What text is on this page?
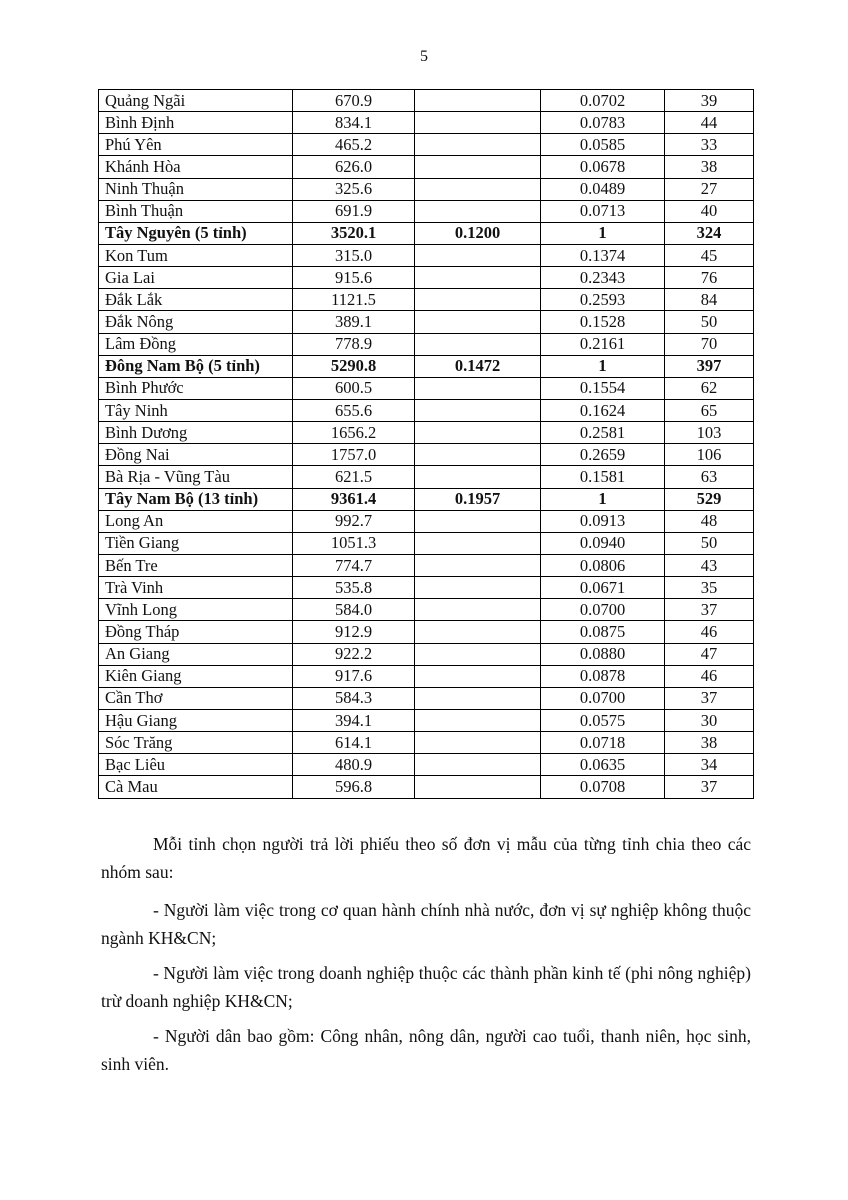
5
Quảng Ngãi	670.9		0.0702	39
Bình Định	834.1		0.0783	44
Phú Yên	465.2		0.0585	33
Khánh Hòa	626.0		0.0678	38
Ninh Thuận	325.6		0.0489	27
Bình Thuận	691.9		0.0713	40
Tây Nguyên (5 tỉnh)	3520.1	0.1200	1	324
Kon Tum	315.0		0.1374	45
Gia Lai	915.6		0.2343	76
Đắk Lắk	1121.5		0.2593	84
Đắk Nông	389.1		0.1528	50
Lâm Đồng	778.9		0.2161	70
Đông Nam Bộ (5 tỉnh)	5290.8	0.1472	1	397
Bình Phước	600.5		0.1554	62
Tây Ninh	655.6		0.1624	65
Bình Dương	1656.2		0.2581	103
Đồng Nai	1757.0		0.2659	106
Bà Rịa - Vũng Tàu	621.5		0.1581	63
Tây Nam Bộ (13 tỉnh)	9361.4	0.1957	1	529
Long An	992.7		0.0913	48
Tiền Giang	1051.3		0.0940	50
Bến Tre	774.7		0.0806	43
Trà Vinh	535.8		0.0671	35
Vĩnh Long	584.0		0.0700	37
Đồng Tháp	912.9		0.0875	46
An Giang	922.2		0.0880	47
Kiên Giang	917.6		0.0878	46
Cần Thơ	584.3		0.0700	37
Hậu Giang	394.1		0.0575	30
Sóc Trăng	614.1		0.0718	38
Bạc Liêu	480.9		0.0635	34
Cà Mau	596.8		0.0708	37

Mỗi tỉnh chọn người trả lời phiếu theo số đơn vị mẫu của từng tỉnh chia theo các nhóm sau:

- Người làm việc trong cơ quan hành chính nhà nước, đơn vị sự nghiệp không thuộc ngành KH&CN;

- Người làm việc trong doanh nghiệp thuộc các thành phần kinh tế (phi nông nghiệp) trừ doanh nghiệp KH&CN;

- Người dân bao gồm: Công nhân, nông dân, người cao tuổi, thanh niên, học sinh, sinh viên.
